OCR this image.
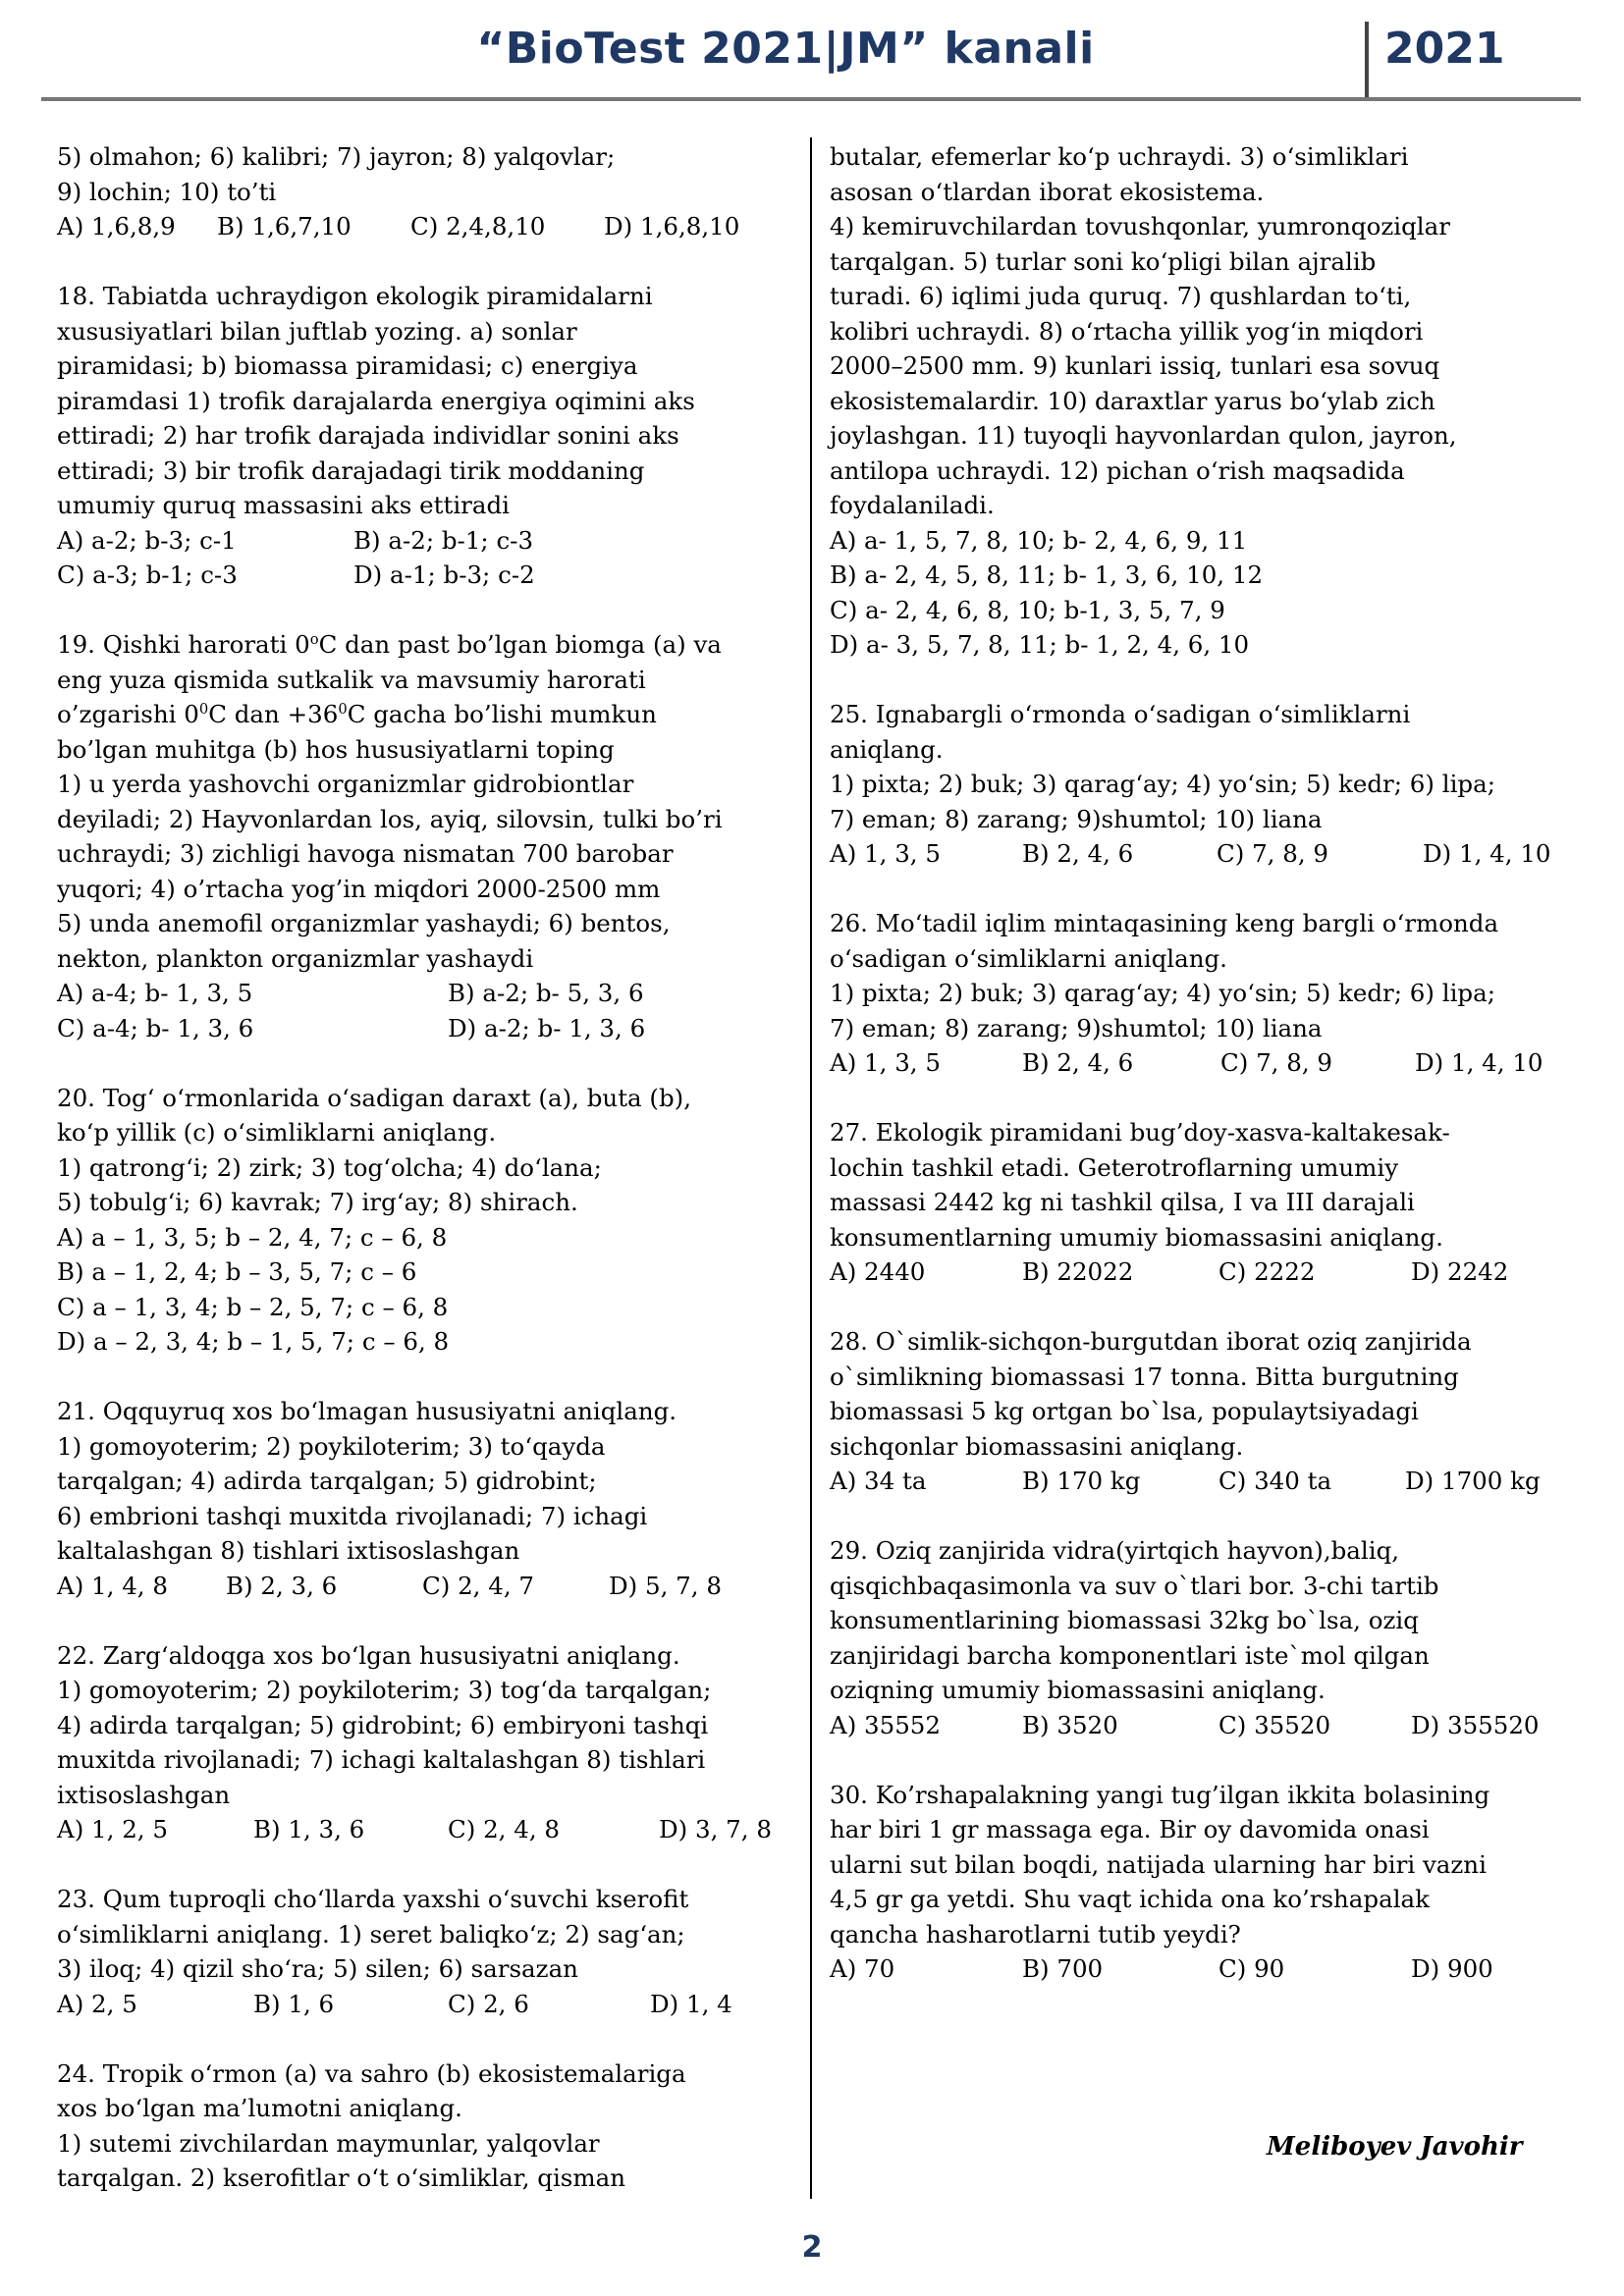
“BioTest 2021|JM” kanali	2021

5) olmahon; 6) kalibri; 7) jayron; 8) yalqovlar;

9) lochin; 10) to’ti

A) 1,6,8,9	B) 1,6,7,10	C) 2,4,8,10	D) 1,6,8,10

18. Tabiatda uchraydigon ekologik piramidalarni

xususiyatlari bilan juftlab yozing. a) sonlar

piramidasi; b) biomassa piramidasi; c) energiya

piramdasi 1) trofik darajalarda energiya oqimini aks

ettiradi; 2) har trofik darajada individlar sonini aks

ettiradi; 3) bir trofik darajadagi tirik moddaning

umumiy quruq massasini aks ettiradi

A) a-2; b-3; c-1	B) a-2; b-1; c-3
C) a-3; b-1; c-3	D) a-1; b-3; c-2

19. Qishki harorati 0$^o$C dan past bo’lgan biomga (a) va

eng yuza qismida sutkalik va mavsumiy harorati

o’zgarishi $0^0C$ dan $+36^0C$ gacha bo’lishi mumkun

bo’lgan muhitga (b) hos hususiyatlarni toping

1) u yerda yashovchi organizmlar gidrobiontlar

deyiladi; 2) Hayvonlardan los, ayiq, silovsin, tulki bo’ri

uchraydi; 3) zichligi havoga nismatan 700 barobar

yuqori; 4) o’rtacha yog’in miqdori 2000-2500 mm

5) unda anemofil organizmlar yashaydi; 6) bentos,

nekton, plankton organizmlar yashaydi

A) a-4; b- 1, 3, 5	B) a-2; b- 5, 3, 6
C) a-4; b- 1, 3, 6	D) a-2; b- 1, 3, 6

20. Tog‘ o‘rmonlarida o‘sadigan daraxt (a), buta (b),

ko‘p yillik (c) o‘simliklarni aniqlang.

1) qatrong‘i; 2) zirk; 3) tog‘olcha; 4) do‘lana;

5) tobulg‘i; 6) kavrak; 7) irg‘ay; 8) shirach.

A) a – 1, 3, 5; b – 2, 4, 7; c – 6, 8

B) a – 1, 2, 4; b – 3, 5, 7; c – 6

C) a – 1, 3, 4; b – 2, 5, 7; c – 6, 8

D) a – 2, 3, 4; b – 1, 5, 7; c – 6, 8

21. Oqquyruq xos bo‘lmagan hususiyatni aniqlang.

1) gomoyoterim; 2) poykiloterim; 3) to‘qayda

tarqalgan; 4) adirda tarqalgan; 5) gidrobint;

6) embrioni tashqi muxitda rivojlanadi; 7) ichagi

kaltalashgan 8) tishlari ixtisoslashgan

A) 1, 4, 8	B) 2, 3, 6	C) 2, 4, 7	D) 5, 7, 8

22. Zarg‘aldoqga xos bo‘lgan hususiyatni aniqlang.

1) gomoyoterim; 2) poykiloterim; 3) tog‘da tarqalgan;

4) adirda tarqalgan; 5) gidrobint; 6) embiryoni tashqi

muxitda rivojlanadi; 7) ichagi kaltalashgan 8) tishlari

ixtisoslashgan

A) 1, 2, 5	B) 1, 3, 6	C) 2, 4, 8	D) 3, 7, 8

23. Qum tuproqli cho‘llarda yaxshi o‘suvchi kserofit

o‘simliklarni aniqlang. 1) seret baliqko‘z; 2) sag‘an;

3) iloq; 4) qizil sho‘ra; 5) silen; 6) sarsazan

A) 2, 5	B) 1, 6	C) 2, 6	D) 1, 4

24. Tropik o‘rmon (a) va sahro (b) ekosistemalariga

xos bo‘lgan ma’lumotni aniqlang.

1) sutemi zivchilardan maymunlar, yalqovlar

tarqalgan. 2) kserofitlar o‘t o‘simliklar, qisman

butalar, efemerlar ko‘p uchraydi. 3) o‘simliklari

asosan o‘tlardan iborat ekosistema.

4) kemiruvchilardan tovushqonlar, yumronqoziqlar

tarqalgan. 5) turlar soni ko‘pligi bilan ajralib

turadi. 6) iqlimi juda quruq. 7) qushlardan to‘ti,

kolibri uchraydi. 8) o‘rtacha yillik yog‘in miqdori

2000–2500 mm. 9) kunlari issiq, tunlari esa sovuq

ekosistemalardir. 10) daraxtlar yarus bo‘ylab zich

joylashgan. 11) tuyoqli hayvonlardan qulon, jayron,

antilopa uchraydi. 12) pichan o‘rish maqsadida

foydalaniladi.

A) a- 1, 5, 7, 8, 10; b- 2, 4, 6, 9, 11

B) a- 2, 4, 5, 8, 11; b- 1, 3, 6, 10, 12

C) a- 2, 4, 6, 8, 10; b-1, 3, 5, 7, 9

D) a- 3, 5, 7, 8, 11; b- 1, 2, 4, 6, 10

25. Ignabargli o‘rmonda o‘sadigan o‘simliklarni

aniqlang.

1) pixta; 2) buk; 3) qarag‘ay; 4) yo‘sin; 5) kedr; 6) lipa;

7) eman; 8) zarang; 9)shumtol; 10) liana

A) 1, 3, 5	B) 2, 4, 6	C) 7, 8, 9	D) 1, 4, 10

26. Mo‘tadil iqlim mintaqasining keng bargli o‘rmonda

o‘sadigan o‘simliklarni aniqlang.

1) pixta; 2) buk; 3) qarag‘ay; 4) yo‘sin; 5) kedr; 6) lipa;

7) eman; 8) zarang; 9)shumtol; 10) liana

A) 1, 3, 5	B) 2, 4, 6	C) 7, 8, 9	D) 1, 4, 10

27. Ekologik piramidani bug’doy-xasva-kaltakesak-

lochin tashkil etadi. Geterotroflarning umumiy

massasi 2442 kg ni tashkil qilsa, I va III darajali

konsumentlarning umumiy biomassasini aniqlang.

A) 2440	B) 22022	C) 2222	D) 2242

28. O`simlik-sichqon-burgutdan iborat oziq zanjirida

o`simlikning biomassasi 17 tonna. Bitta burgutning

biomassasi 5 kg ortgan bo`lsa, populaytsiyadagi

sichqonlar biomassasini aniqlang.

A) 34 ta	B) 170 kg	C) 340 ta	D) 1700 kg

29. Oziq zanjirida vidra(yirtqich hayvon),baliq,

qisqichbaqasimonla va suv o`tlari bor. 3-chi tartib

konsumentlarining biomassasi 32kg bo`lsa, oziq

zanjiridagi barcha komponentlari iste`mol qilgan

oziqning umumiy biomassasini aniqlang.

A) 35552	B) 3520	C) 35520	D) 355520

30. Ko’rshapalakning yangi tug’ilgan ikkita bolasining

har biri 1 gr massaga ega. Bir oy davomida onasi

ularni sut bilan boqdi, natijada ularning har biri vazni

4,5 gr ga yetdi. Shu vaqt ichida ona ko’rshapalak

qancha hasharotlarni tutib yeydi?

A) 70	B) 700	C) 90	D) 900
Meliboyev Javohir
2
